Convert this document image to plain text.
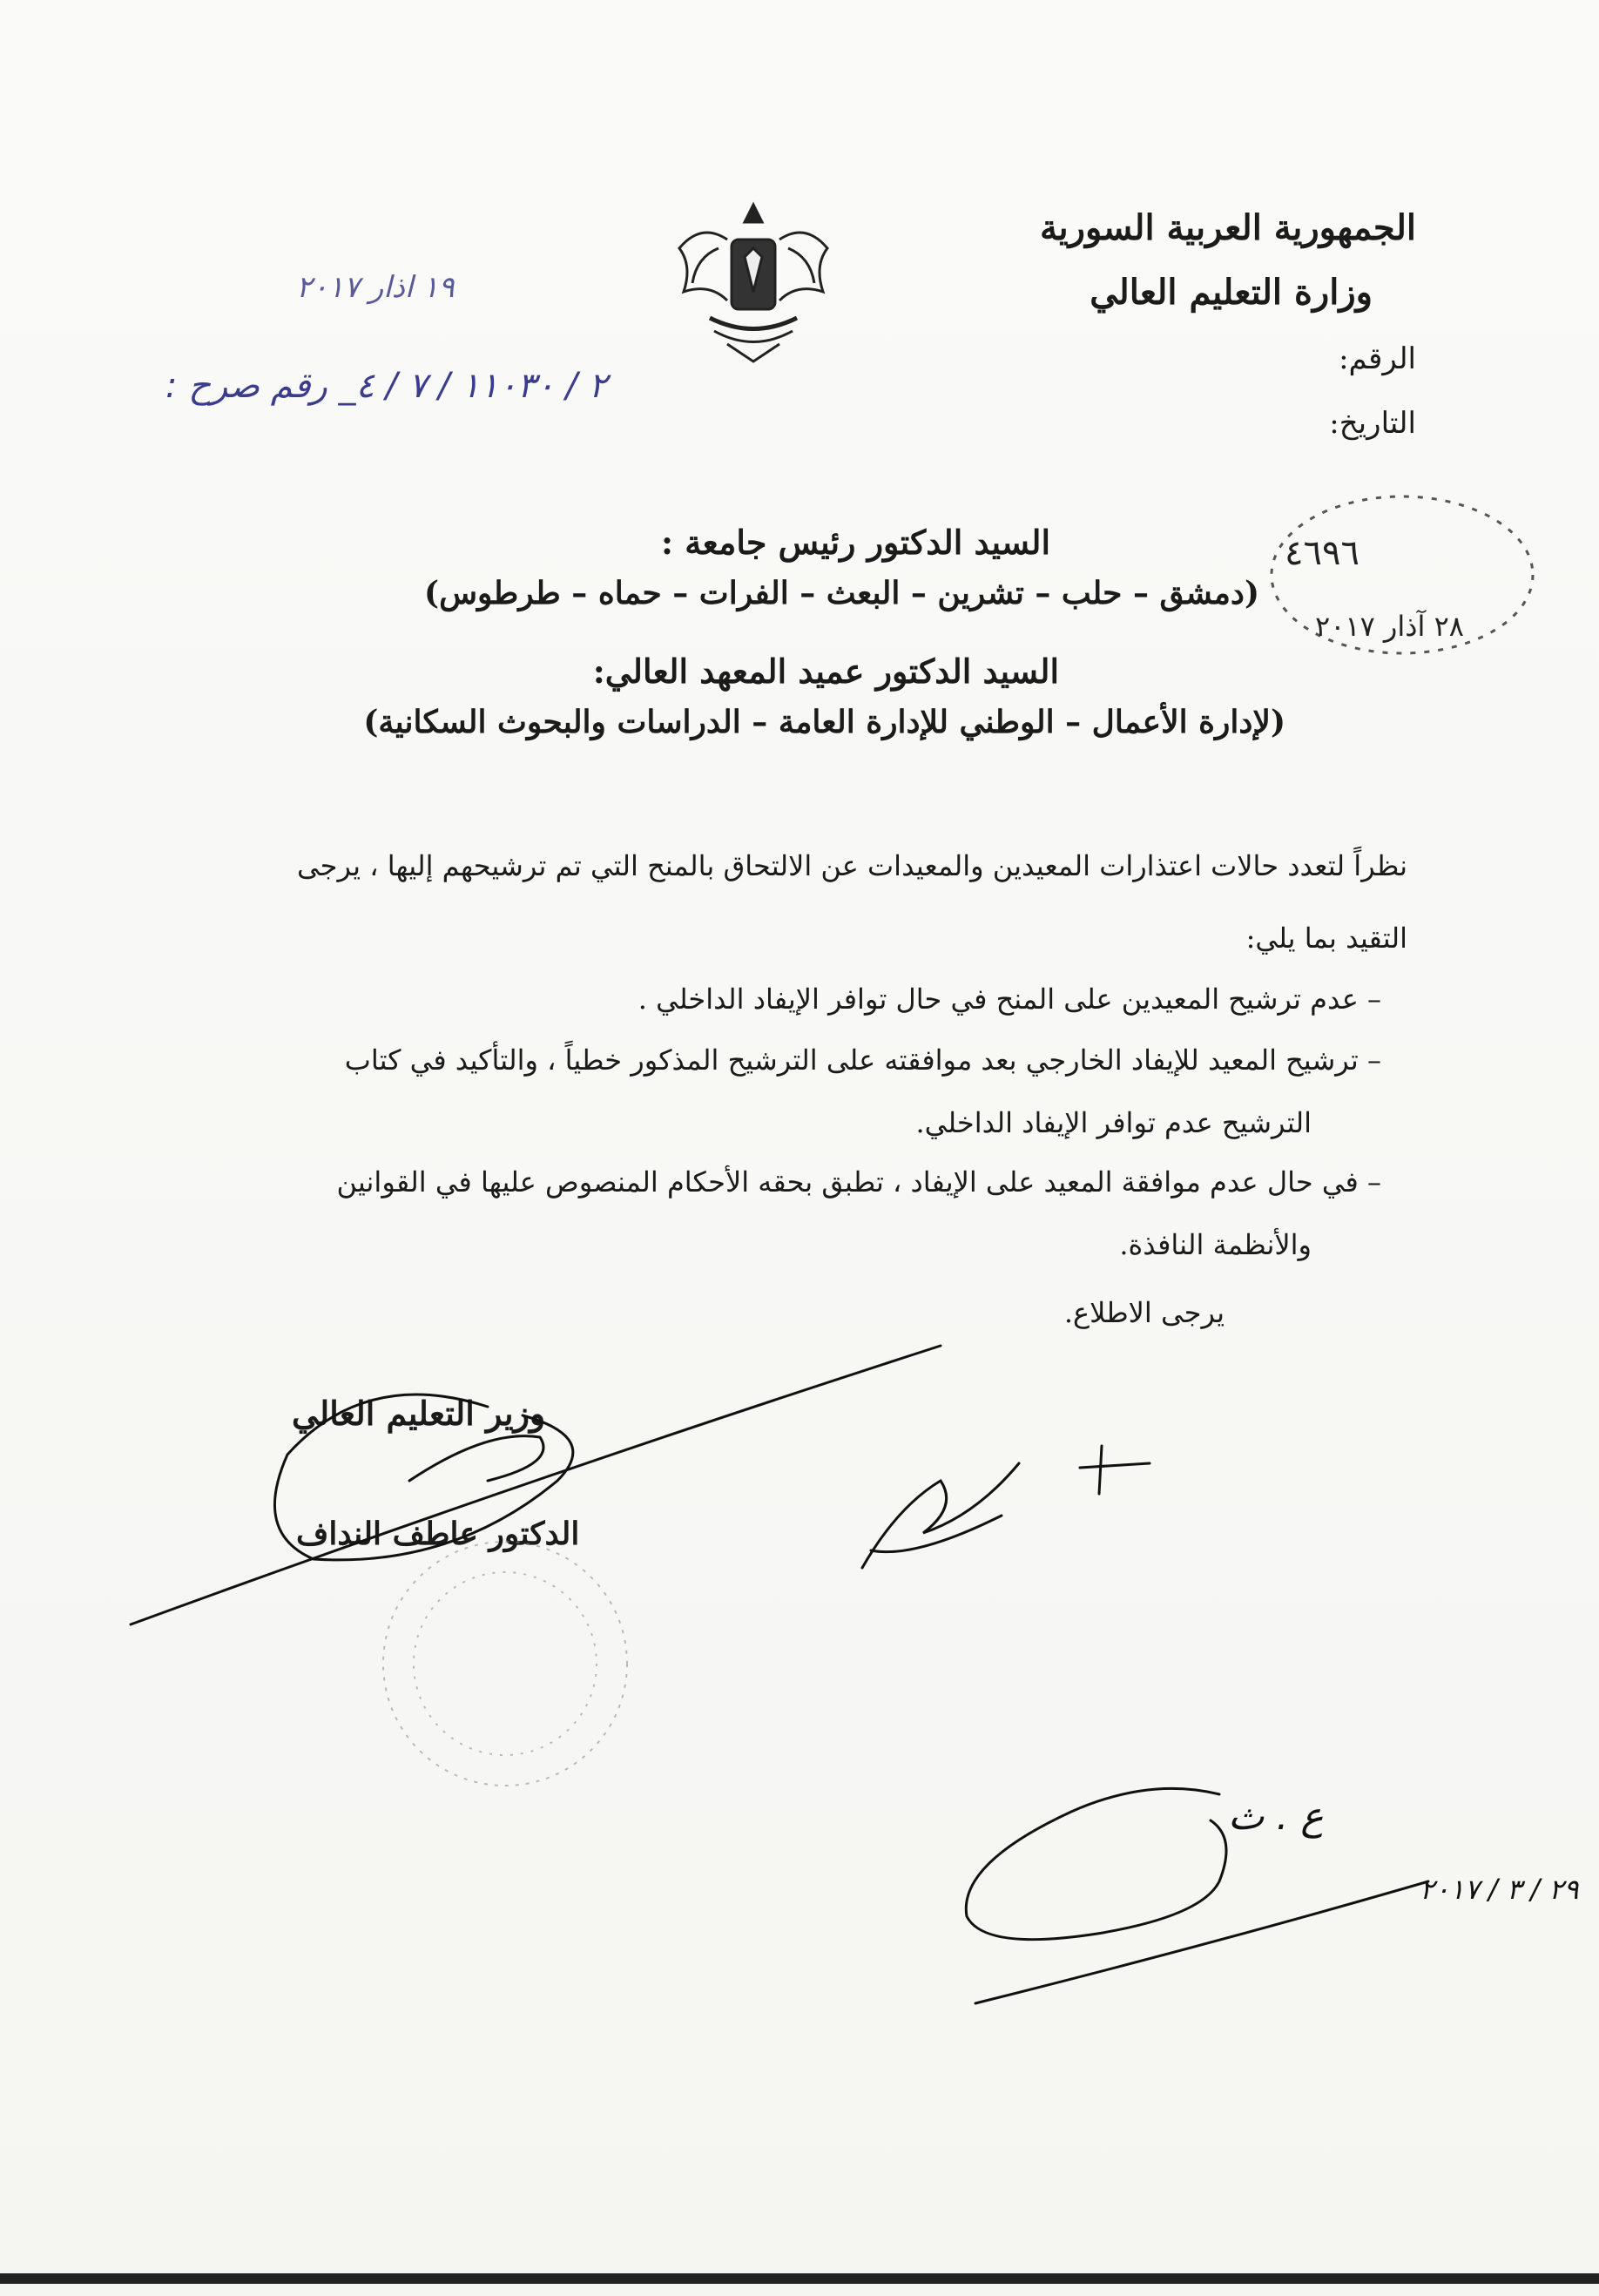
الجمهورية العربية السورية
وزارة التعليم العالي
الرقم:
التاريخ:
١٩ اذار ٢٠١٧
٢ / ١١٠٣٠ / ٧ / ٤_ رقم صرح :
٤٦٩٦
٢٨ آذار ٢٠١٧
السيد الدكتور رئيس جامعة :
(دمشق – حلب – تشرين – البعث – الفرات – حماه – طرطوس)
السيد الدكتور عميد المعهد العالي:
(لإدارة الأعمال – الوطني للإدارة العامة – الدراسات والبحوث السكانية)
نظراً لتعدد حالات اعتذارات المعيدين والمعيدات عن الالتحاق بالمنح التي تم ترشيحهم إليها ، يرجى
التقيد بما يلي:
– عدم ترشيح المعيدين على المنح في حال توافر الإيفاد الداخلي .
– ترشيح المعيد للإيفاد الخارجي بعد موافقته على الترشيح المذكور خطياً ، والتأكيد في كتاب
الترشيح عدم توافر الإيفاد الداخلي.
– في حال عدم موافقة المعيد على الإيفاد ، تطبق بحقه الأحكام المنصوص عليها في القوانين
والأنظمة النافذة.
يرجى الاطلاع.
وزير التعليم العالي
الدكتور عاطف النداف
ع . ث
٢٩ / ٣ / ٢٠١٧
